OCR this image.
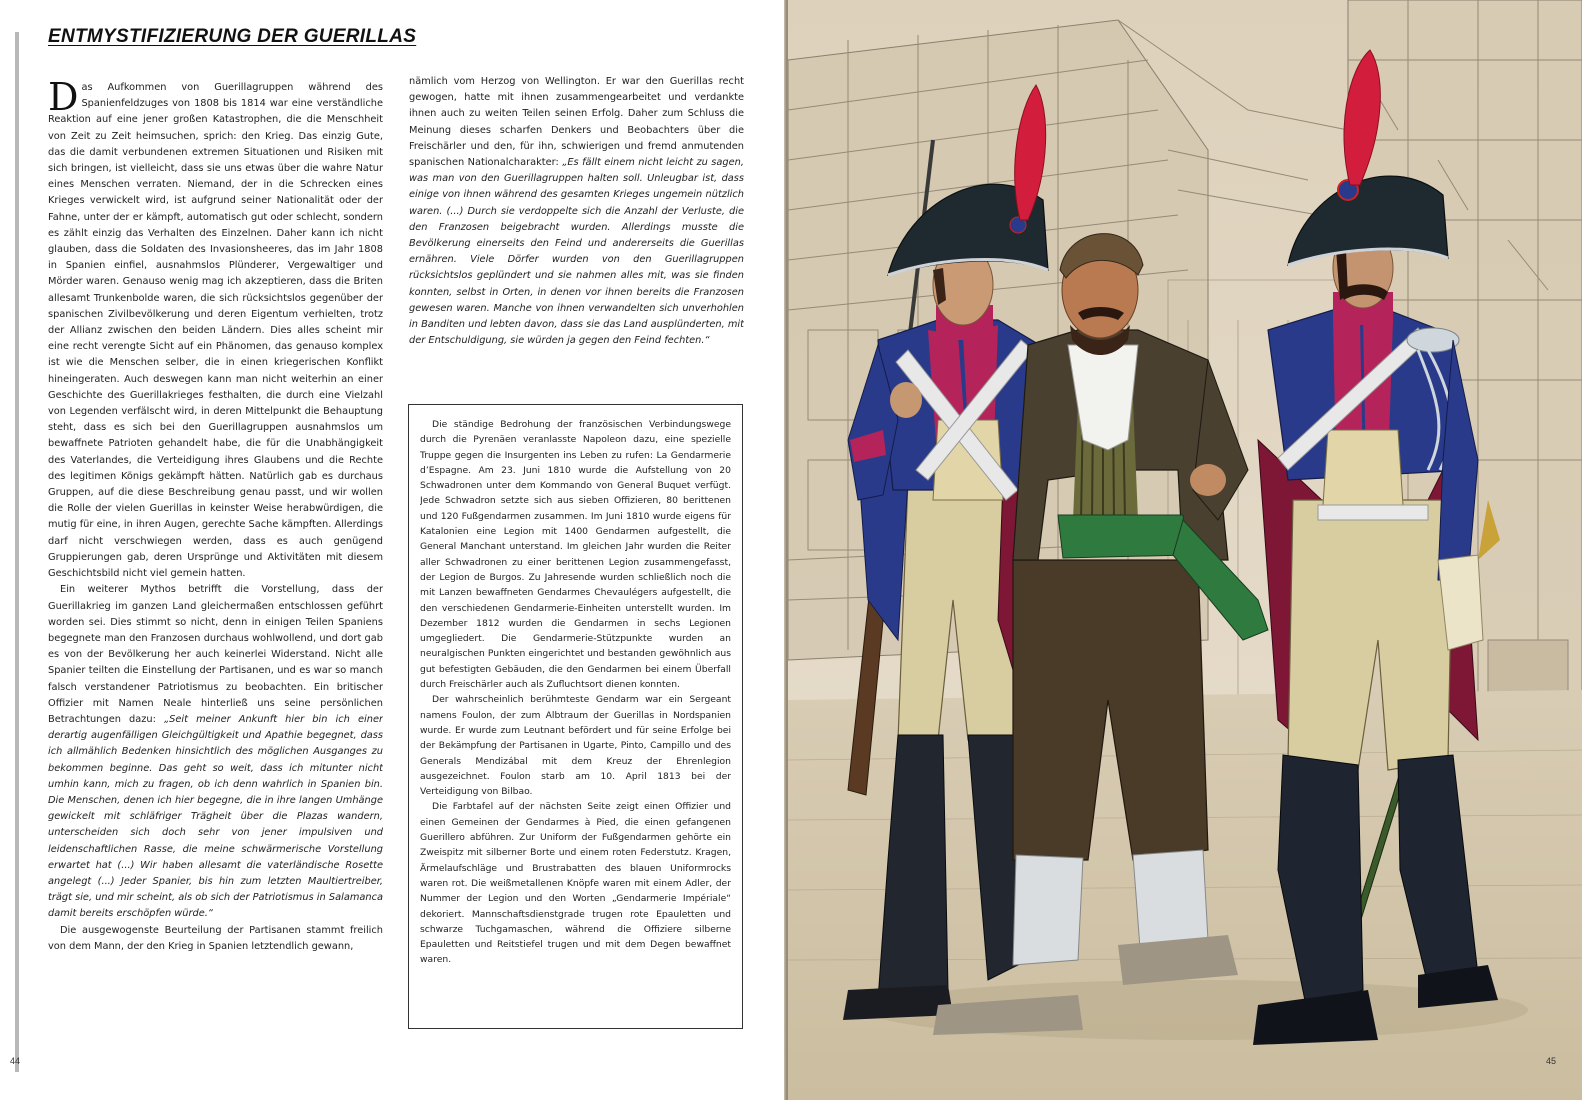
ENTMYSTIFIZIERUNG DER GUERILLAS

Das Aufkommen von Guerillagruppen während des Spanienfeldzuges von 1808 bis 1814 war eine verständliche Reaktion auf eine jener großen Katastrophen, die die Menschheit von Zeit zu Zeit heimsuchen, sprich: den Krieg. Das einzig Gute, das die damit verbundenen extremen Situationen und Risiken mit sich bringen, ist vielleicht, dass sie uns etwas über die wahre Natur eines Menschen verraten. Niemand, der in die Schrecken eines Krieges verwickelt wird, ist aufgrund seiner Nationalität oder der Fahne, unter der er kämpft, automatisch gut oder schlecht, sondern es zählt einzig das Verhalten des Einzelnen. Daher kann ich nicht glauben, dass die Soldaten des Invasionsheeres, das im Jahr 1808 in Spanien einfiel, ausnahmslos Plünderer, Vergewaltiger und Mörder waren. Genauso wenig mag ich akzeptieren, dass die Briten allesamt Trunkenbolde waren, die sich rücksichtslos gegenüber der spanischen Zivilbevölkerung und deren Eigentum verhielten, trotz der Allianz zwischen den beiden Ländern. Dies alles scheint mir eine recht verengte Sicht auf ein Phänomen, das genauso komplex ist wie die Menschen selber, die in einen kriegerischen Konflikt hineingeraten. Auch deswegen kann man nicht weiterhin an einer Geschichte des Guerillakrieges festhalten, die durch eine Vielzahl von Legenden verfälscht wird, in deren Mittelpunkt die Behauptung steht, dass es sich bei den Guerillagruppen ausnahmslos um bewaffnete Patrioten gehandelt habe, die für die Unabhängigkeit des Vaterlandes, die Verteidigung ihres Glaubens und die Rechte des legitimen Königs gekämpft hätten. Natürlich gab es durchaus Gruppen, auf die diese Beschreibung genau passt, und wir wollen die Rolle der vielen Guerillas in keinster Weise herabwürdigen, die mutig für eine, in ihren Augen, gerechte Sache kämpften. Allerdings darf nicht verschwiegen werden, dass es auch genügend Gruppierungen gab, deren Ursprünge und Aktivitäten mit diesem Geschichtsbild nicht viel gemein hatten.

Ein weiterer Mythos betrifft die Vorstellung, dass der Guerillakrieg im ganzen Land gleichermaßen entschlossen geführt worden sei. Dies stimmt so nicht, denn in einigen Teilen Spaniens begegnete man den Franzosen durchaus wohlwollend, und dort gab es von der Bevölkerung her auch keinerlei Widerstand. Nicht alle Spanier teilten die Einstellung der Partisanen, und es war so manch falsch verstandener Patriotismus zu beobachten. Ein britischer Offizier mit Namen Neale hinterließ uns seine persönlichen Betrachtungen dazu: „Seit meiner Ankunft hier bin ich einer derartig augenfälligen Gleichgültigkeit und Apathie begegnet, dass ich allmählich Bedenken hinsichtlich des möglichen Ausganges zu bekommen beginne. Das geht so weit, dass ich mitunter nicht umhin kann, mich zu fragen, ob ich denn wahrlich in Spanien bin. Die Menschen, denen ich hier begegne, die in ihre langen Umhänge gewickelt mit schläfriger Trägheit über die Plazas wandern, unterscheiden sich doch sehr von jener impulsiven und leidenschaftlichen Rasse, die meine schwärmerische Vorstellung erwartet hat (...) Wir haben allesamt die vaterländische Rosette angelegt (...) Jeder Spanier, bis hin zum letzten Maultiertreiber, trägt sie, und mir scheint, als ob sich der Patriotismus in Salamanca damit bereits erschöpfen würde.“

Die ausgewogenste Beurteilung der Partisanen stammt freilich von dem Mann, der den Krieg in Spanien letztendlich gewann,

nämlich vom Herzog von Wellington. Er war den Guerillas recht gewogen, hatte mit ihnen zusammengearbeitet und verdankte ihnen auch zu weiten Teilen seinen Erfolg. Daher zum Schluss die Meinung dieses scharfen Denkers und Beobachters über die Freischärler und den, für ihn, schwierigen und fremd anmutenden spanischen Nationalcharakter: „Es fällt einem nicht leicht zu sagen, was man von den Guerillagruppen halten soll. Unleugbar ist, dass einige von ihnen während des gesamten Krieges ungemein nützlich waren. (...) Durch sie verdoppelte sich die Anzahl der Verluste, die den Franzosen beigebracht wurden. Allerdings musste die Bevölkerung einerseits den Feind und andererseits die Guerillas ernähren. Viele Dörfer wurden von den Guerillagruppen rücksichtslos geplündert und sie nahmen alles mit, was sie finden konnten, selbst in Orten, in denen vor ihnen bereits die Franzosen gewesen waren. Manche von ihnen verwandelten sich unverhohlen in Banditen und lebten davon, dass sie das Land ausplünderten, mit der Entschuldigung, sie würden ja gegen den Feind fechten.“

Die ständige Bedrohung der französischen Verbindungswege durch die Pyrenäen veranlasste Napoleon dazu, eine spezielle Truppe gegen die Insurgenten ins Leben zu rufen: La Gendarmerie d’Espagne. Am 23. Juni 1810 wurde die Aufstellung von 20 Schwadronen unter dem Kommando von General Buquet verfügt. Jede Schwadron setzte sich aus sieben Offizieren, 80 berittenen und 120 Fußgendarmen zusammen. Im Juni 1810 wurde eigens für Katalonien eine Legion mit 1400 Gendarmen aufgestellt, die General Manchant unterstand. Im gleichen Jahr wurden die Reiter aller Schwadronen zu einer berittenen Legion zusammengefasst, der Legion de Burgos. Zu Jahresende wurden schließlich noch die mit Lanzen bewaffneten Gendarmes Chevaulégers aufgestellt, die den verschiedenen Gendarmerie-Einheiten unterstellt wurden. Im Dezember 1812 wurden die Gendarmen in sechs Legionen umgegliedert. Die Gendarmerie-Stützpunkte wurden an neuralgischen Punkten eingerichtet und bestanden gewöhnlich aus gut befestigten Gebäuden, die den Gendarmen bei einem Überfall durch Freischärler auch als Zufluchtsort dienen konnten.

Der wahrscheinlich berühmteste Gendarm war ein Sergeant namens Foulon, der zum Albtraum der Guerillas in Nordspanien wurde. Er wurde zum Leutnant befördert und für seine Erfolge bei der Bekämpfung der Partisanen in Ugarte, Pinto, Campillo und des Generals Mendizábal mit dem Kreuz der Ehrenlegion ausgezeichnet. Foulon starb am 10. April 1813 bei der Verteidigung von Bilbao.

Die Farbtafel auf der nächsten Seite zeigt einen Offizier und einen Gemeinen der Gendarmes à Pied, die einen gefangenen Guerillero abführen. Zur Uniform der Fußgendarmen gehörte ein Zweispitz mit silberner Borte und einem roten Federstutz. Kragen, Ärmelaufschläge und Brustrabatten des blauen Uniformrocks waren rot. Die weißmetallenen Knöpfe waren mit einem Adler, der Nummer der Legion und den Worten „Gendarmerie Impériale“ dekoriert. Mannschaftsdienstgrade trugen rote Epauletten und schwarze Tuchgamaschen, während die Offiziere silberne Epauletten und Reitstiefel trugen und mit dem Degen bewaffnet waren.

44	45
